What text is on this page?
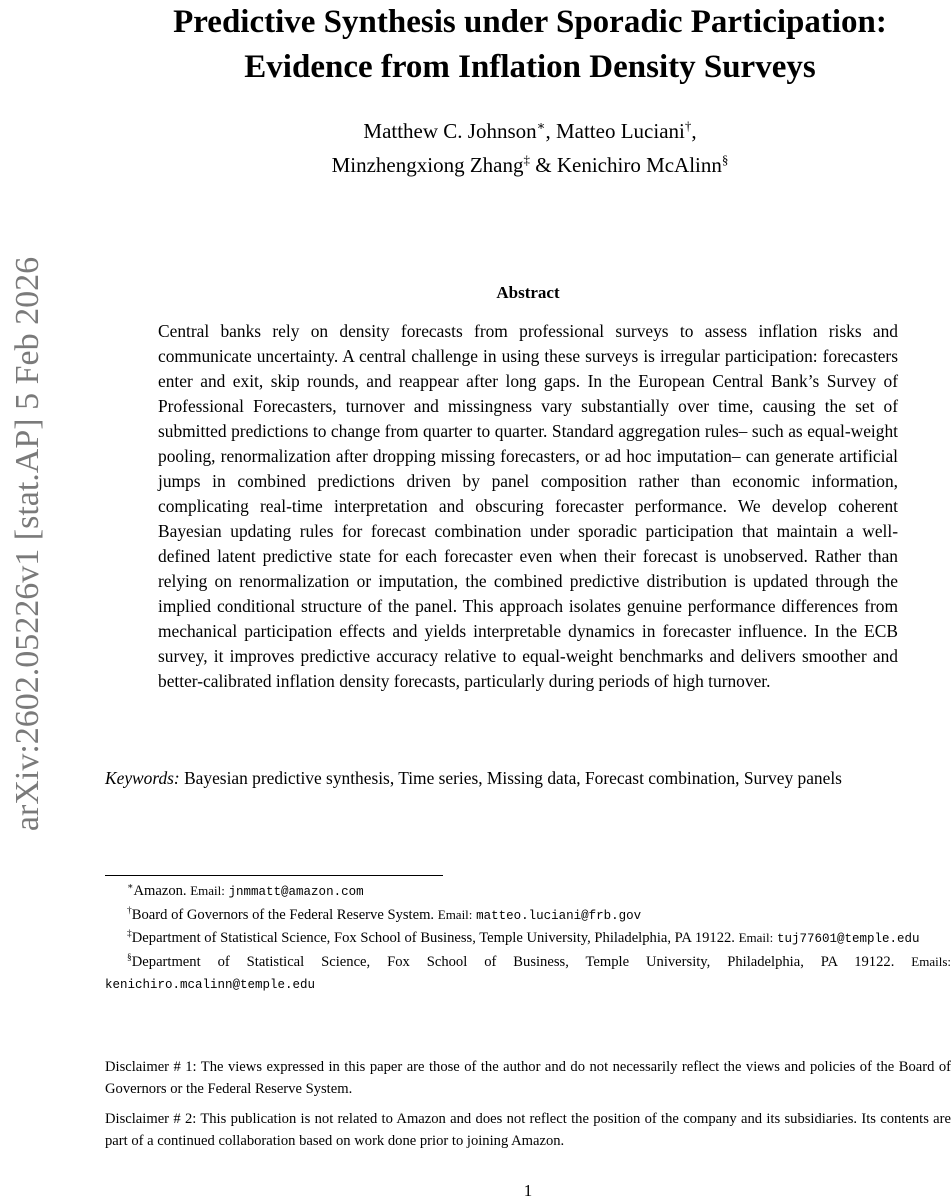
arXiv:2602.05226v1 [stat.AP] 5 Feb 2026
Predictive Synthesis under Sporadic Participation:
Evidence from Inflation Density Surveys
Matthew C. Johnson∗, Matteo Luciani†,
Minzhengxiong Zhang‡ & Kenichiro McAlinn§
Abstract
Central banks rely on density forecasts from professional surveys to assess inflation risks and communicate uncertainty. A central challenge in using these surveys is irregular participation: forecasters enter and exit, skip rounds, and reappear after long gaps. In the European Central Bank’s Survey of Professional Forecasters, turnover and missingness vary substantially over time, causing the set of submitted predictions to change from quarter to quarter. Standard aggregation rules– such as equal-weight pooling, renormalization after dropping missing forecasters, or ad hoc imputation– can generate artificial jumps in combined predictions driven by panel composition rather than economic information, complicating real-time interpretation and obscuring forecaster performance. We develop coherent Bayesian updating rules for forecast combination under sporadic participation that maintain a well-defined latent predictive state for each forecaster even when their forecast is unobserved. Rather than relying on renormalization or imputation, the combined predictive distribution is updated through the implied conditional structure of the panel. This approach isolates genuine performance differences from mechanical participation effects and yields interpretable dynamics in forecaster influence. In the ECB survey, it improves predictive accuracy relative to equal-weight benchmarks and delivers smoother and better-calibrated inflation density forecasts, particularly during periods of high turnover.
Keywords: Bayesian predictive synthesis, Time series, Missing data, Forecast combination, Survey panels

∗Amazon. Email: jnmmatt@amazon.com

†Board of Governors of the Federal Reserve System. Email: matteo.luciani@frb.gov

‡Department of Statistical Science, Fox School of Business, Temple University, Philadelphia, PA 19122. Email: tuj77601@temple.edu

§Department of Statistical Science, Fox School of Business, Temple University, Philadelphia, PA 19122. Emails: kenichiro.mcalinn@temple.edu

Disclaimer # 1: The views expressed in this paper are those of the author and do not necessarily reflect the views and policies of the Board of Governors or the Federal Reserve System.

Disclaimer # 2: This publication is not related to Amazon and does not reflect the position of the company and its subsidiaries. Its contents are part of a continued collaboration based on work done prior to joining Amazon.

1
